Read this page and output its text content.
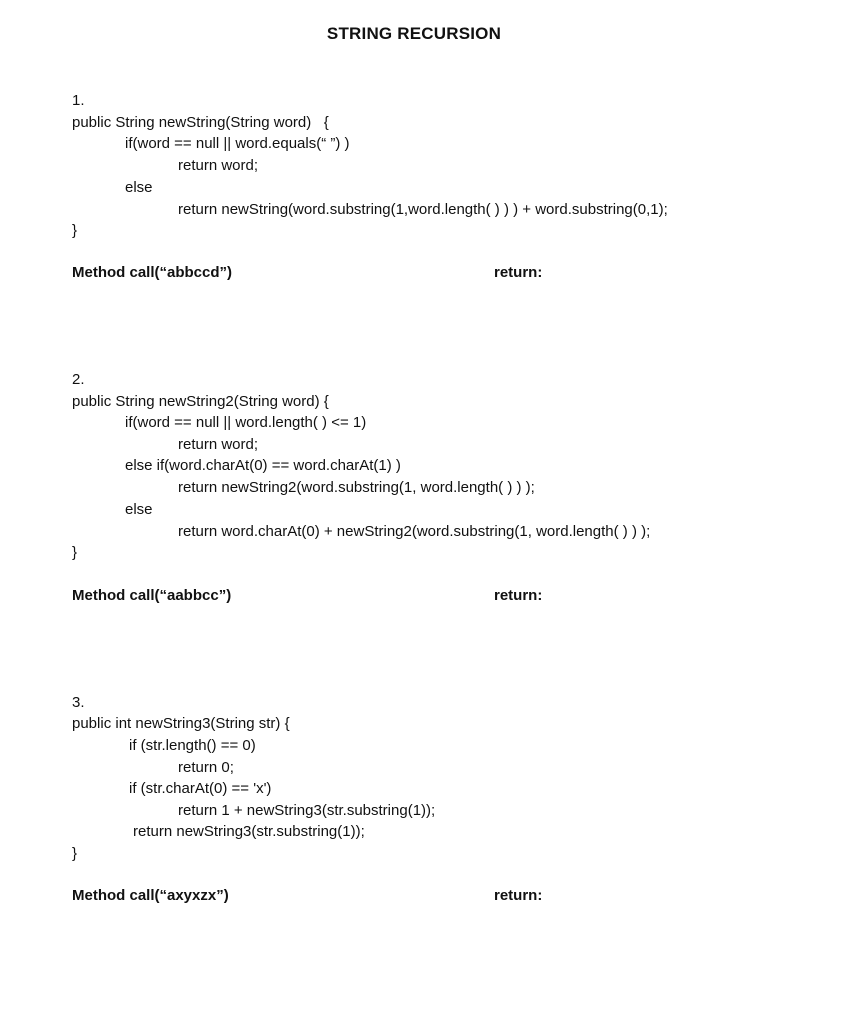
STRING RECURSION
1.
public String newString(String word)   {
if(word == null || word.equals(“ ”) )
return word;
else
return newString(word.substring(1,word.length( ) ) ) + word.substring(0,1);
}
Method call(“abbccd”)	return:
2.
public String newString2(String word) {
if(word == null || word.length( ) <= 1)
return word;
else if(word.charAt(0) == word.charAt(1) )
return newString2(word.substring(1, word.length( ) ) );
else
return word.charAt(0) + newString2(word.substring(1, word.length( ) ) );
}
Method call(“aabbcc”)	return:
3.
public int newString3(String str) {
if (str.length() == 0)
return 0;
if (str.charAt(0) == 'x')
return 1 + newString3(str.substring(1));
return newString3(str.substring(1));
}
Method call(“axyxzx”)	return:
